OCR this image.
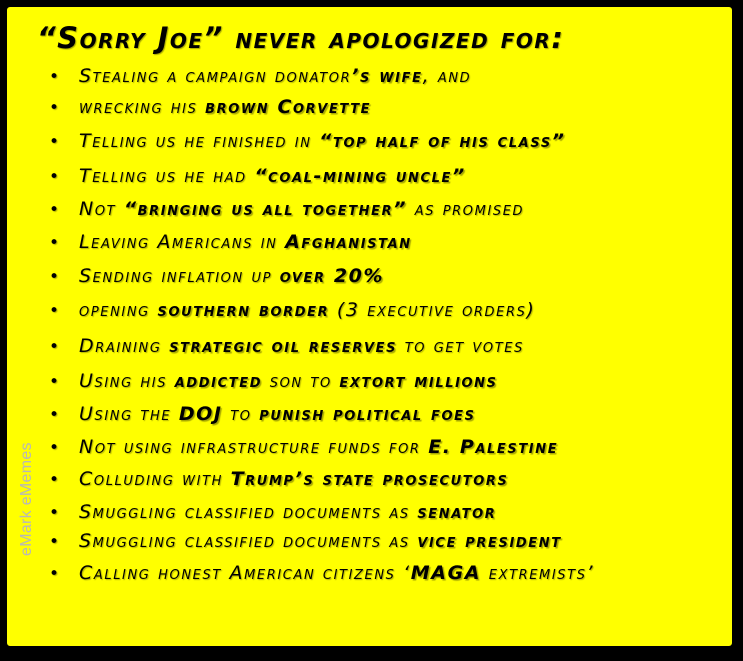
“Sorry Joe” never apologized for:
• Stealing a campaign donator’s wife, and
• wrecking his brown Corvette
• Telling us he finished in “top half of his class”
• Telling us he had “coal-mining uncle”
• Not “bringing us all together” as promised
• Leaving Americans in Afghanistan
• Sending inflation up over 20%
• opening southern border (3 executive orders)
• Draining strategic oil reserves to get votes
• Using his addicted son to extort millions
• Using the DOJ to punish political foes
• Not using infrastructure funds for E. Palestine
• Colluding with Trump’s state prosecutors
• Smuggling classified documents as senator
• Smuggling classified documents as vice president
• Calling honest American citizens ‘MAGA extremists’
eMark eMemes
